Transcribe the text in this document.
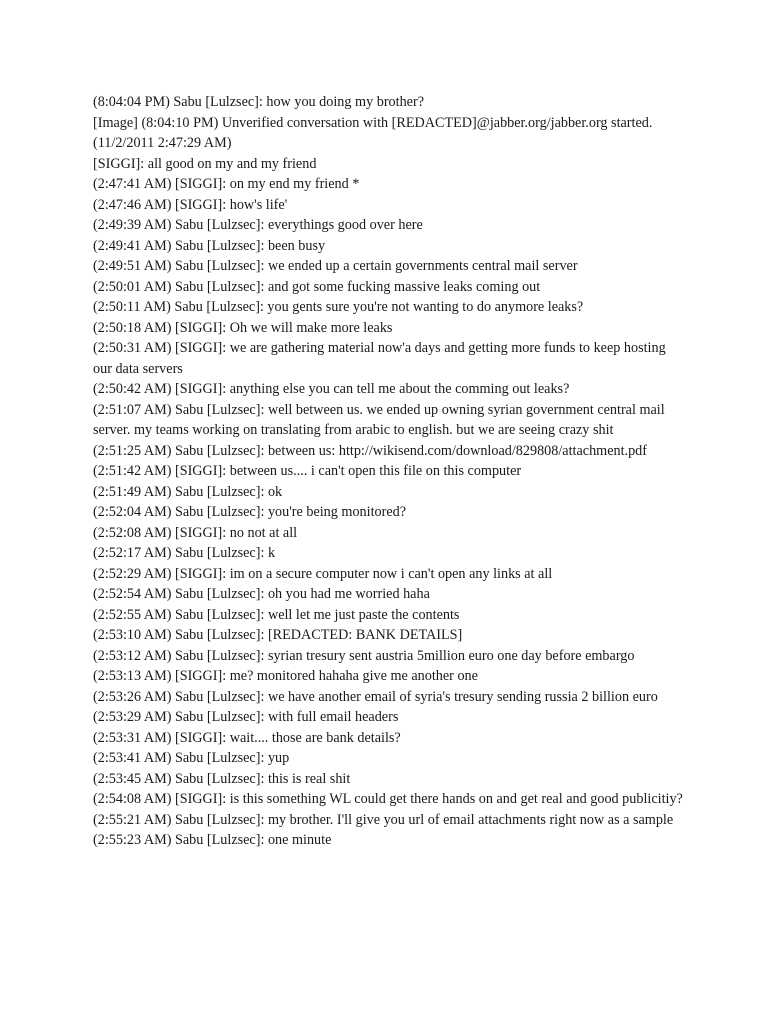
(8:04:04 PM) Sabu [Lulzsec]: how you doing my brother?

[Image] (8:04:10 PM) Unverified conversation with [REDACTED]@jabber.org/jabber.org started.

(11/2/2011 2:47:29 AM)

[SIGGI]: all good on my and my friend

(2:47:41 AM) [SIGGI]: on my end my friend *

(2:47:46 AM) [SIGGI]: how's life'

(2:49:39 AM) Sabu [Lulzsec]: everythings good over here

(2:49:41 AM) Sabu [Lulzsec]: been busy

(2:49:51 AM) Sabu [Lulzsec]: we ended up a certain governments central mail server

(2:50:01 AM) Sabu [Lulzsec]: and got some fucking massive leaks coming out

(2:50:11 AM) Sabu [Lulzsec]: you gents sure you're not wanting to do anymore leaks?

(2:50:18 AM) [SIGGI]: Oh we will make more leaks

(2:50:31 AM) [SIGGI]: we are gathering material now'a days and getting more funds to keep hosting our data servers

(2:50:42 AM) [SIGGI]: anything else you can tell me about the comming out leaks?

(2:51:07 AM) Sabu [Lulzsec]: well between us. we ended up owning syrian government central mail server. my teams working on translating from arabic to english. but we are seeing crazy shit

(2:51:25 AM) Sabu [Lulzsec]: between us: http://wikisend.com/download/829808/attachment.pdf

(2:51:42 AM) [SIGGI]: between us.... i can't open this file on this computer

(2:51:49 AM) Sabu [Lulzsec]: ok

(2:52:04 AM) Sabu [Lulzsec]: you're being monitored?

(2:52:08 AM) [SIGGI]: no not at all

(2:52:17 AM) Sabu [Lulzsec]: k

(2:52:29 AM) [SIGGI]: im on a secure computer now i can't open any links at all

(2:52:54 AM) Sabu [Lulzsec]: oh you had me worried haha

(2:52:55 AM) Sabu [Lulzsec]: well let me just paste the contents

(2:53:10 AM) Sabu [Lulzsec]: [REDACTED: BANK DETAILS]

(2:53:12 AM) Sabu [Lulzsec]: syrian tresury sent austria 5million euro one day before embargo

(2:53:13 AM) [SIGGI]: me? monitored hahaha give me another one

(2:53:26 AM) Sabu [Lulzsec]: we have another email of syria's tresury sending russia 2 billion euro

(2:53:29 AM) Sabu [Lulzsec]: with full email headers

(2:53:31 AM) [SIGGI]: wait.... those are bank details?

(2:53:41 AM) Sabu [Lulzsec]: yup

(2:53:45 AM) Sabu [Lulzsec]: this is real shit

(2:54:08 AM) [SIGGI]: is this something WL could get there hands on and get real and good publicitiy?

(2:55:21 AM) Sabu [Lulzsec]: my brother. I'll give you url of email attachments right now as a sample

(2:55:23 AM) Sabu [Lulzsec]: one minute
